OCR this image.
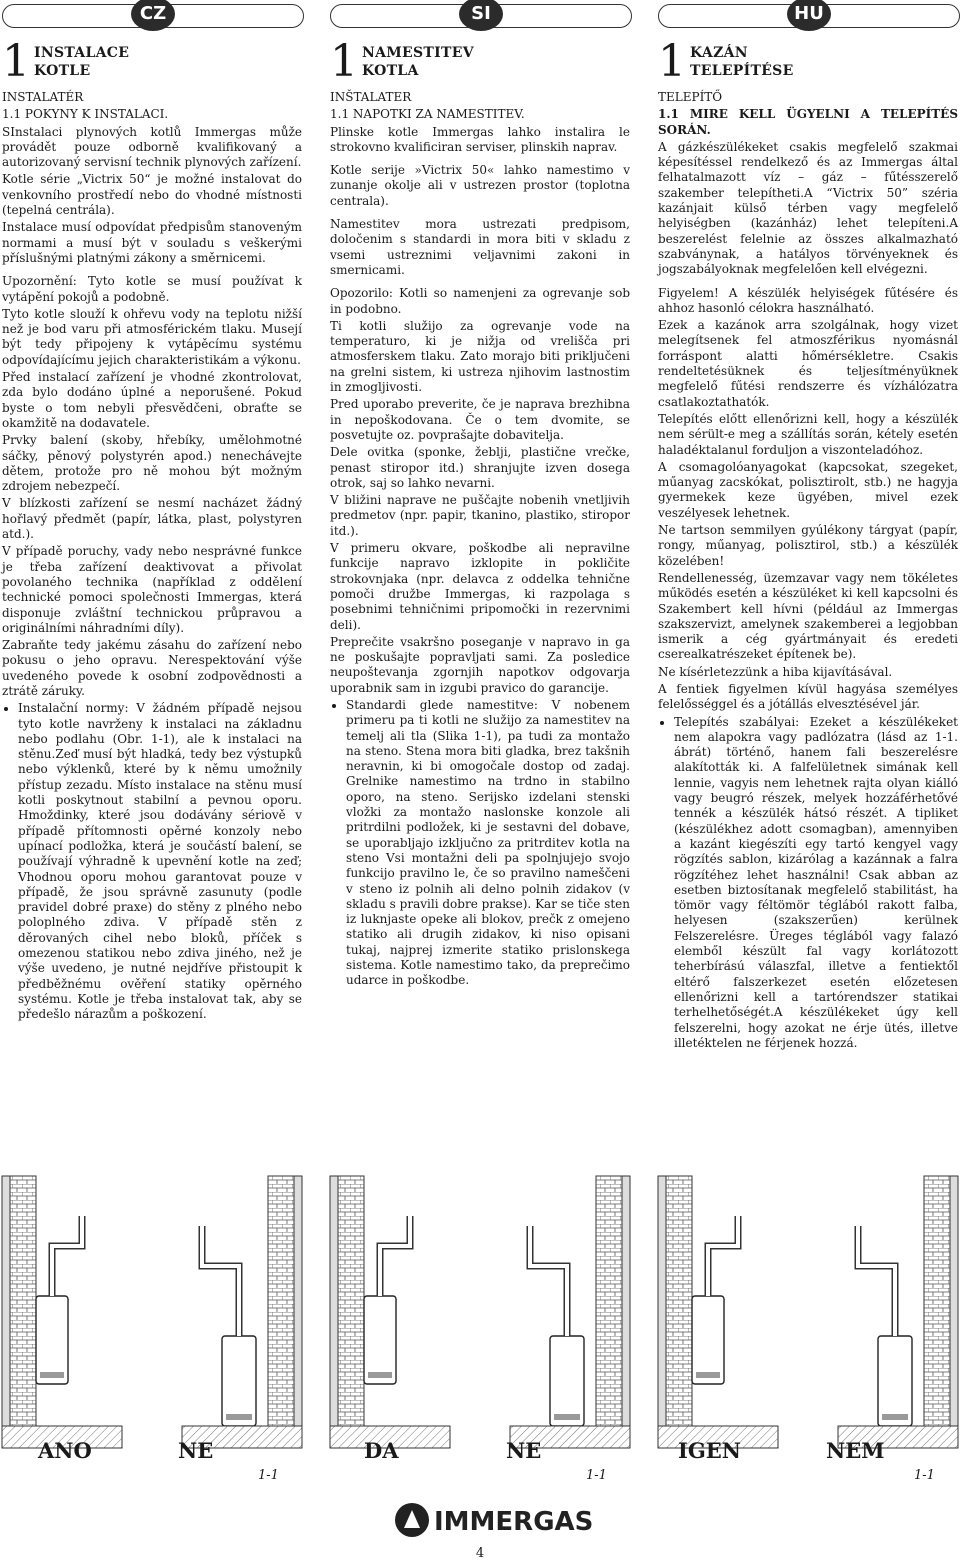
CZ	SI	HU
1 INSTALACE
KOTLE

INSTALATÉR

1.1 POKYNY K INSTALACI.

SInstalaci plynových kotlů Immergas může provádět pouze odborně kvalifikovaný a autorizovaný servisní technik plynových zařízení.

Kotle série „Victrix 50“ je možné instalovat do venkovního prostředí nebo do vhodné místnosti (tepelná centrála).

Instalace musí odpovídat předpisům stanoveným normami a musí být v souladu s veškerými příslušnými platnými zákony a směrnicemi.

Upozornění: Tyto kotle se musí používat k vytápění pokojů a podobně.

Tyto kotle slouží k ohřevu vody na teplotu nižší než je bod varu při atmosférickém tlaku. Musejí být tedy připojeny k vytápěcímu systému odpovídajícímu jejich charakteristikám a výkonu.

Před instalací zařízení je vhodné zkontrolovat, zda bylo dodáno úplné a neporušené. Pokud byste o tom nebyli přesvědčeni, obraťte se okamžitě na dodavatele.

Prvky balení (skoby, hřebíky, umělohmotné sáčky, pěnový polystyrén apod.) nenechávejte dětem, protože pro ně mohou být možným zdrojem nebezpečí.

V blízkosti zařízení se nesmí nacházet žádný hořlavý předmět (papír, látka, plast, polystyren atd.).

V případě poruchy, vady nebo nesprávné funkce je třeba zařízení deaktivovat a přivolat povolaného technika (například z oddělení technické pomoci společnosti Immergas, která disponuje zvláštní technickou průpravou a originálními náhradními díly).

Zabraňte tedy jakému zásahu do zařízení nebo pokusu o jeho opravu. Nerespektování výše uvedeného povede k osobní zodpovědnosti a ztrátě záruky.

• Instalační normy: V žádném případě nejsou tyto kotle navrženy k instalaci na základnu nebo podlahu (Obr. 1-1), ale k instalaci na stěnu.Zeď musí být hladká, tedy bez výstupků nebo výklenků, které by k němu umožnily přístup zezadu. Místo instalace na stěnu musí kotli poskytnout stabilní a pevnou oporu. Hmoždinky, které jsou dodávány sériově v případě přítomnosti opěrné konzoly nebo upínací podložka, která je součástí balení, se používají výhradně k upevnění kotle na zeď; Vhodnou oporu mohou garantovat pouze v případě, že jsou správně zasunuty (podle pravidel dobré praxe) do stěny z plného nebo poloplného zdiva. V případě stěn z děrovaných cihel nebo bloků, příček s omezenou statikou nebo zdiva jiného, než je výše uvedeno, je nutné nejdříve přistoupit k předběžnému ověření statiky opěrného systému. Kotle je třeba instalovat tak, aby se předešlo nárazům a poškození.
1 NAMESTITEV
KOTLA

INŠTALATER

1.1 NAPOTKI ZA NAMESTITEV.

Plinske kotle Immergas lahko instalira le strokovno kvalificiran serviser, plinskih naprav.

Kotle serije »Victrix 50« lahko namestimo v zunanje okolje ali v ustrezen prostor (toplotna centrala).

Namestitev mora ustrezati predpisom, določenim s standardi in mora biti v skladu z vsemi ustreznimi veljavnimi zakoni in smernicami.

Opozorilo: Kotli so namenjeni za ogrevanje sob in podobno.

Ti kotli služijo za ogrevanje vode na temperaturo, ki je nižja od vrelišča pri atmosferskem tlaku. Zato morajo biti priključeni na grelni sistem, ki ustreza njihovim lastnostim in zmogljivosti.

Pred uporabo preverite, če je naprava brezhibna in nepoškodovana. Če o tem dvomite, se posvetujte oz. povprašajte dobavitelja.

Dele ovitka (sponke, žeblji, plastične vrečke, penast stiropor itd.) shranjujte izven dosega otrok, saj so lahko nevarni.

V bližini naprave ne puščajte nobenih vnetljivih predmetov (npr. papir, tkanino, plastiko, stiropor itd.).

V primeru okvare, poškodbe ali nepravilne funkcije napravo izklopite in pokličite strokovnjaka (npr. delavca z oddelka tehnične pomoči družbe Immergas, ki razpolaga s posebnimi tehničnimi pripomočki in rezervnimi deli).

Preprečite vsakršno poseganje v napravo in ga ne poskušajte popravljati sami. Za posledice neupoštevanja zgornjih napotkov odgovarja uporabnik sam in izgubi pravico do garancije.

• Standardi glede namestitve: V nobenem primeru pa ti kotli ne služijo za namestitev na temelj ali tla (Slika 1-1), pa tudi za montažo na steno. Stena mora biti gladka, brez takšnih neravnin, ki bi omogočale dostop od zadaj. Grelnike namestimo na trdno in stabilno oporo, na steno. Serijsko izdelani stenski vložki za montažo naslonske konzole ali pritrdilni podložek, ki je sestavni del dobave, se uporabljajo izključno za pritrditev kotla na steno Vsi montažni deli pa spolnjujejo svojo funkcijo pravilno le, če so pravilno nameščeni v steno iz polnih ali delno polnih zidakov (v skladu s pravili dobre prakse). Kar se tiče sten iz luknjaste opeke ali blokov, prečk z omejeno statiko ali drugih zidakov, ki niso opisani tukaj, najprej izmerite statiko prislonskega sistema. Kotle namestimo tako, da preprečimo udarce in poškodbe.
1 KAZÁN
TELEPÍTÉSE

TELEPÍTŐ

1.1 MIRE KELL ÜGYELNI A TELEPÍTÉS SORÁN.

A gázkészülékeket csakis megfelelő szakmai képesítéssel rendelkező és az Immergas által felhatalmazott víz – gáz – fűtésszerelő szakember telepítheti.A “Victrix 50” széria kazánjait külső térben vagy megfelelő helyiségben (kazánház) lehet telepíteni.A beszerelést felelnie az összes alkalmazható szabványnak, a hatályos törvényeknek és jogszabályoknak megfelelően kell elvégezni.

Figyelem! A készülék helyiségek fűtésére és ahhoz hasonló célokra használható.

Ezek a kazánok arra szolgálnak, hogy vizet melegítsenek fel atmoszférikus nyomásnál forráspont alatti hőmérsékletre. Csakis rendeltetésüknek és teljesítményüknek megfelelő fűtési rendszerre és vízhálózatra csatlakoztathatók.

Telepítés előtt ellenőrizni kell, hogy a készülék nem sérült-e meg a szállítás során, kétely esetén haladéktalanul forduljon a viszonteladóhoz.

A csomagolóanyagokat (kapcsokat, szegeket, műanyag zacskókat, polisztirolt, stb.) ne hagyja gyermekek keze ügyében, mivel ezek veszélyesek lehetnek.

Ne tartson semmilyen gyúlékony tárgyat (papír, rongy, műanyag, polisztirol, stb.) a készülék közelében!

Rendellenesség, üzemzavar vagy nem tökéletes működés esetén a készüléket ki kell kapcsolni és Szakembert kell hívni (például az Immergas szakszervizt, amelynek szakemberei a legjobban ismerik a cég gyártmányait és eredeti cserealkatrészeket építenek be).

Ne kísérletezzünk a hiba kijavításával.

A fentiek figyelmen kívül hagyása személyes felelősséggel és a jótállás elvesztésével jár.

• Telepítés szabályai: Ezeket a készülékeket nem alapokra vagy padlózatra (lásd az 1-1. ábrát) történő, hanem fali beszerelésre alakították ki. A falfelületnek simának kell lennie, vagyis nem lehetnek rajta olyan kiálló vagy beugró részek, melyek hozzáférhetővé tennék a készülék hátsó részét. A tipliket (készülékhez adott csomagban), amennyiben a kazánt kiegészíti egy tartó kengyel vagy rögzítés sablon, kizárólag a kazánnak a falra rögzítéhez lehet használni! Csak abban az esetben biztosítanak megfelelő stabilitást, ha tömör vagy féltömör téglából rakott falba, helyesen (szakszerűen) kerülnek Felszerelésre. Üreges téglából vagy falazó elemből készült fal vagy korlátozott teherbírású válaszfal, illetve a fentiektől eltérő falszerkezet esetén előzetesen ellenőrizni kell a tartórendszer statikai terhelhetőségét.A készülékeket úgy kell felszerelni, hogy azokat ne érje ütés, illetve illetéktelen ne férjenek hozzá.
ANO	NE
1-1
DA	NE
1-1
IGEN	NEM
1-1
IMMERGAS
4
